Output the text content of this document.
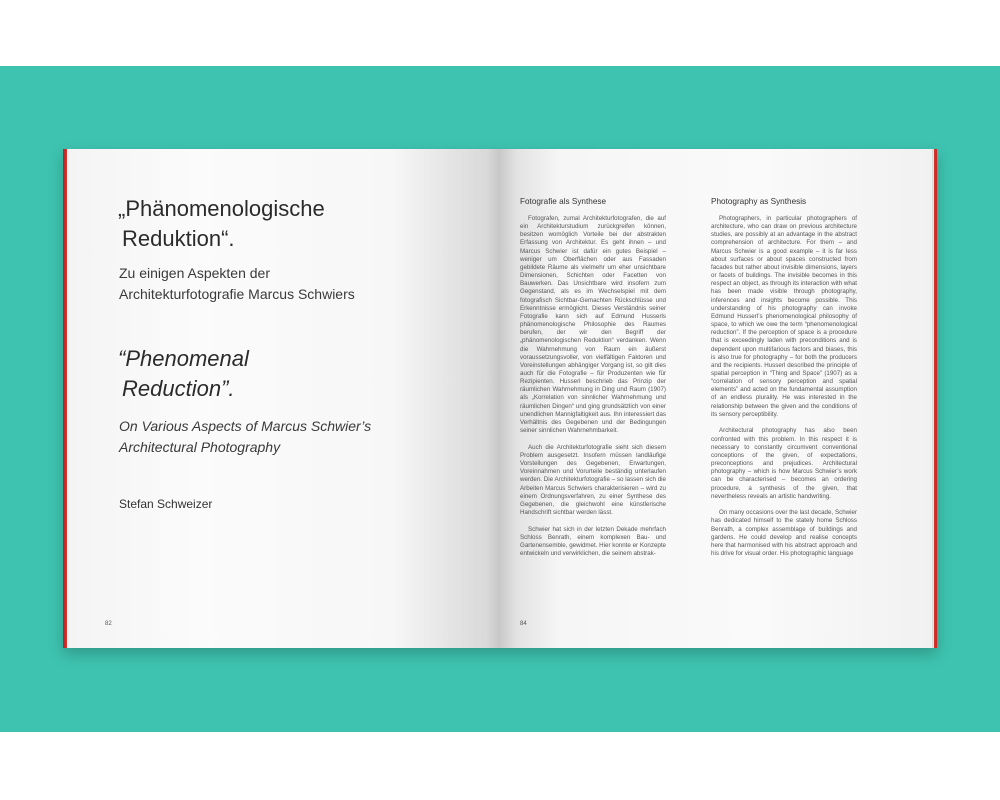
„Phänomenologische
Reduktion“.
Zu einigen Aspekten der
Architekturfotografie Marcus Schwiers
“Phenomenal
Reduction”.
On Various Aspects of Marcus Schwier’s
Architectural Photography
Stefan Schweizer
82
Fotografie als Synthese

Fotografen, zumal Architekturfotografen, die auf ein Architekturstudium zurückgreifen können, besitzen womöglich Vorteile bei der abstrakten Erfassung von Architektur. Es geht ihnen – und Marcus Schwier ist dafür ein gutes Beispiel – weniger um Oberflächen oder aus Fassaden gebildete Räume als vielmehr um eher unsichtbare Dimensionen, Schichten oder Facetten von Bauwerken. Das Unsichtbare wird insofern zum Gegenstand, als es im Wechselspiel mit dem fotografisch Sichtbar-Gemachten Rückschlüsse und Erkenntnisse ermöglicht. Dieses Verständnis seiner Fotografie kann sich auf Edmund Husserls phänomenologische Philosophie des Raumes berufen, der wir den Begriff der „phänomenologischen Reduktion“ verdanken. Wenn die Wahrnehmung von Raum ein äußerst voraussetzungsvoller, von vielfältigen Faktoren und Voreinstellungen abhängiger Vorgang ist, so gilt dies auch für die Fotografie – für Produzenten wie für Rezipienten. Husserl beschrieb das Prinzip der räumlichen Wahrnehmung in Ding und Raum (1907) als „Korrelation von sinnlicher Wahrnehmung und räumlichen Dingen“ und ging grundsätzlich von einer unendlichen Mannigfaltigkeit aus. Ihn interessiert das Verhältnis des Gegebenen und der Bedingungen seiner sinnlichen Wahrnehmbarkeit.

Auch die Architekturfotografie sieht sich diesem Problem ausgesetzt. Insofern müssen landläufige Vorstellungen des Gegebenen, Erwartungen, Voreinnahmen und Vorurteile beständig unterlaufen werden. Die Architekturfotografie – so lassen sich die Arbeiten Marcus Schwiers charakterisieren – wird zu einem Ordnungsverfahren, zu einer Synthese des Gegebenen, die gleichwohl eine künstlerische Handschrift sichtbar werden lässt.

Schwier hat sich in der letzten Dekade mehrfach Schloss Benrath, einem komplexen Bau- und Gartenensemble, gewidmet. Hier konnte er Konzepte entwickeln und verwirklichen, die seinem abstrak-

Photography as Synthesis

Photographers, in particular photographers of architecture, who can draw on previous architecture studies, are possibly at an advantage in the abstract comprehension of architecture. For them – and Marcus Schwier is a good example – it is far less about surfaces or about spaces constructed from facades but rather about invisible dimensions, layers or facets of buildings. The invisible becomes in this respect an object, as through its interaction with what has been made visible through photography, inferences and insights become possible. This understanding of his photography can invoke Edmund Husserl’s phenomenological philosophy of space, to which we owe the term “phenomenological reduction”. If the perception of space is a procedure that is exceedingly laden with preconditions and is dependent upon multifarious factors and biases, this is also true for photography – for both the producers and the recipients. Husserl described the principle of spatial perception in “Thing and Space” (1907) as a “correlation of sensory perception and spatial elements” and acted on the fundamental assumption of an endless plurality. He was interested in the relationship between the given and the conditions of its sensory perceptibility.

Architectural photography has also been confronted with this problem. In this respect it is necessary to constantly circumvent conventional conceptions of the given, of expectations, preconceptions and prejudices. Architectural photography – which is how Marcus Schwier’s work can be characterised – becomes an ordering procedure, a synthesis of the given, that nevertheless reveals an artistic handwriting.

On many occasions over the last decade, Schwier has dedicated himself to the stately home Schloss Benrath, a complex assemblage of buildings and gardens. He could develop and realise concepts here that harmonised with his abstract approach and his drive for visual order. His photographic language

84
